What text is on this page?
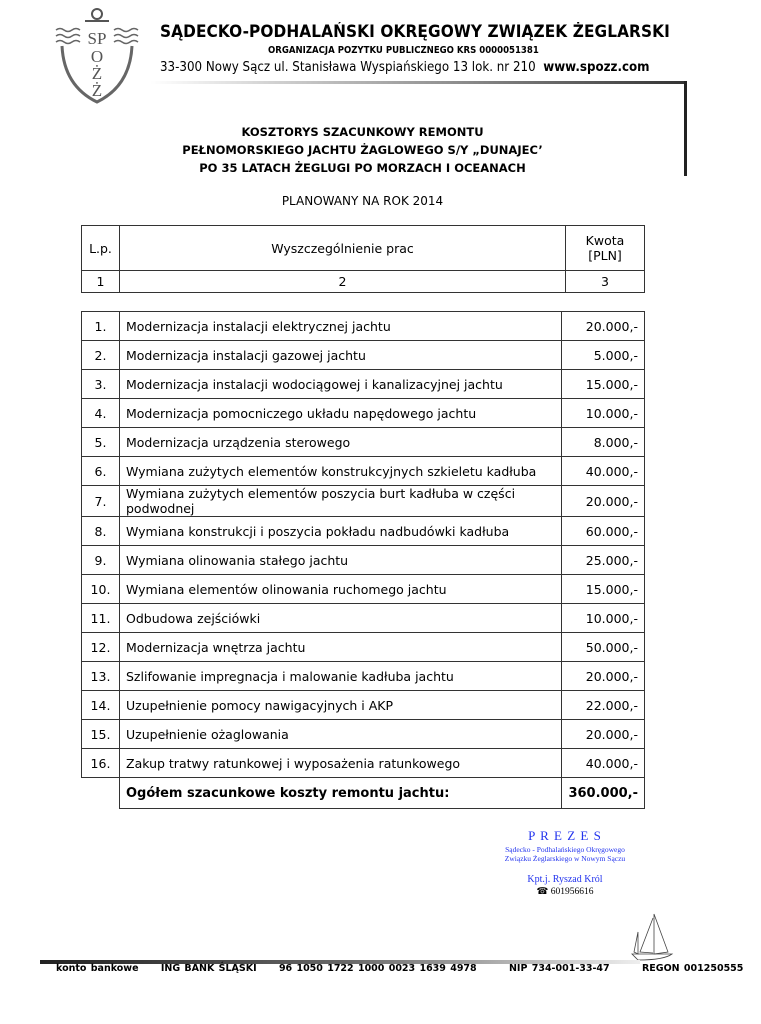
SP
O
Ż
Ż
SĄDECKO-PODHALAŃSKI OKRĘGOWY ZWIĄZEK ŻEGLARSKI
ORGANIZACJA POŻYTKU PUBLICZNEGO KRS 0000051381
33-300 Nowy Sącz ul. Stanisława Wyspiańskiego 13 lok. nr 210 www.spozz.com
KOSZTORYS SZACUNKOWY REMONTU
PEŁNOMORSKIEGO JACHTU ŻAGLOWEGO S/Y „DUNAJEC’
PO 35 LATACH ŻEGLUGI PO MORZACH I OCEANACH
PLANOWANY NA ROK 2014
L.p.	Wyszczególnienie prac	Kwota
[PLN]

1	2	3
1.	Modernizacja instalacji elektrycznej jachtu	20.000,-
2.	Modernizacja instalacji gazowej jachtu	5.000,-
3.	Modernizacja instalacji wodociągowej i kanalizacyjnej jachtu	15.000,-
4.	Modernizacja pomocniczego układu napędowego jachtu	10.000,-
5.	Modernizacja urządzenia sterowego	8.000,-
6.	Wymiana zużytych elementów konstrukcyjnych szkieletu kadłuba	40.000,-
7.	Wymiana zużytych elementów poszycia burt kadłuba w części podwodnej	20.000,-
8.	Wymiana konstrukcji i poszycia pokładu nadbudówki kadłuba	60.000,-
9.	Wymiana olinowania stałego jachtu	25.000,-
10.	Wymiana elementów olinowania ruchomego jachtu	15.000,-
11.	Odbudowa zejściówki	10.000,-
12.	Modernizacja wnętrza jachtu	50.000,-
13.	Szlifowanie impregnacja i malowanie kadłuba jachtu	20.000,-
14.	Uzupełnienie pomocy nawigacyjnych i AKP	22.000,-
15.	Uzupełnienie ożaglowania	20.000,-
16.	Zakup tratwy ratunkowej i wyposażenia ratunkowego	40.000,-
	Ogółem szacunkowe koszty remontu jachtu:	360.000,-
P R E Z E S
Sądecko - Podhalańskiego Okręgowego
Związku Żeglarskiego w Nowym Sączu
Kpt.j. Ryszad Król
☎ 601956616
konto bankowe ING BANK ŚLĄSKI 96 1050 1722 1000 0023 1639 4978	NIP 734-001-33-47	REGON 001250555
